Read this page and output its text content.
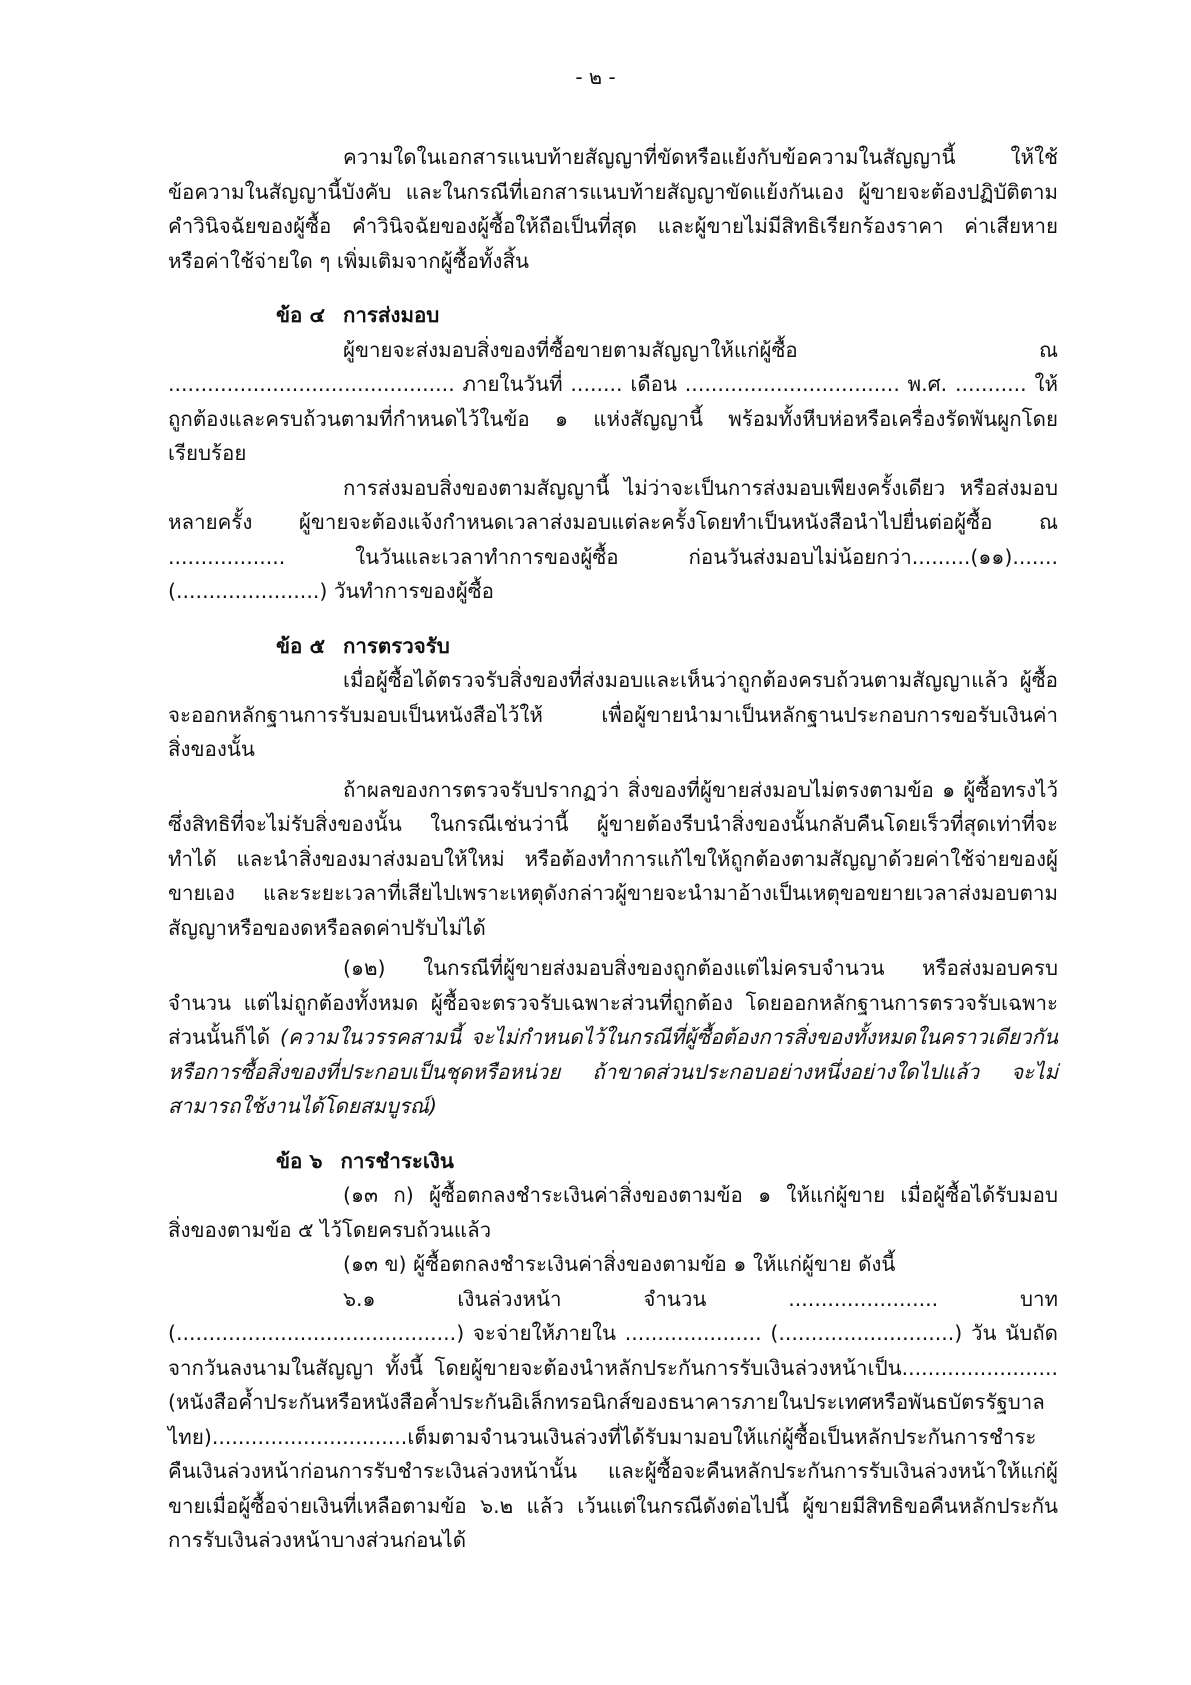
- ๒ -

ความใดในเอกสารแนบท้ายสัญญาที่ขัดหรือแย้งกับข้อความในสัญญานี้ ให้ใช้ข้อความในสัญญานี้บังคับ และในกรณีที่เอกสารแนบท้ายสัญญาขัดแย้งกันเอง ผู้ขายจะต้องปฏิบัติตามคำวินิจฉัยของผู้ซื้อ คำวินิจฉัยของผู้ซื้อให้ถือเป็นที่สุด และผู้ขายไม่มีสิทธิเรียกร้องราคา ค่าเสียหาย หรือค่าใช้จ่ายใด ๆ เพิ่มเติมจากผู้ซื้อทั้งสิ้น

ข้อ ๔ การส่งมอบ

ผู้ขายจะส่งมอบสิ่งของที่ซื้อขายตามสัญญาให้แก่ผู้ซื้อ ณ ............................................ ภายในวันที่ ........ เดือน ................................. พ.ศ. ........... ให้ถูกต้องและครบถ้วนตามที่กำหนดไว้ในข้อ ๑ แห่งสัญญานี้ พร้อมทั้งหีบห่อหรือเครื่องรัดพันผูกโดยเรียบร้อย

การส่งมอบสิ่งของตามสัญญานี้ ไม่ว่าจะเป็นการส่งมอบเพียงครั้งเดียว หรือส่งมอบหลายครั้ง ผู้ขายจะต้องแจ้งกำหนดเวลาส่งมอบแต่ละครั้งโดยทำเป็นหนังสือนำไปยื่นต่อผู้ซื้อ ณ .................. ในวันและเวลาทำการของผู้ซื้อ ก่อนวันส่งมอบไม่น้อยกว่า.........(๑๑).......(......................) วันทำการของผู้ซื้อ

ข้อ ๕ การตรวจรับ

เมื่อผู้ซื้อได้ตรวจรับสิ่งของที่ส่งมอบและเห็นว่าถูกต้องครบถ้วนตามสัญญาแล้ว ผู้ซื้อจะออกหลักฐานการรับมอบเป็นหนังสือไว้ให้ เพื่อผู้ขายนำมาเป็นหลักฐานประกอบการขอรับเงินค่าสิ่งของนั้น

ถ้าผลของการตรวจรับปรากฏว่า สิ่งของที่ผู้ขายส่งมอบไม่ตรงตามข้อ ๑ ผู้ซื้อทรงไว้ซึ่งสิทธิที่จะไม่รับสิ่งของนั้น ในกรณีเช่นว่านี้ ผู้ขายต้องรีบนำสิ่งของนั้นกลับคืนโดยเร็วที่สุดเท่าที่จะทำได้ และนำสิ่งของมาส่งมอบให้ใหม่ หรือต้องทำการแก้ไขให้ถูกต้องตามสัญญาด้วยค่าใช้จ่ายของผู้ขายเอง และระยะเวลาที่เสียไปเพราะเหตุดังกล่าวผู้ขายจะนำมาอ้างเป็นเหตุขอขยายเวลาส่งมอบตามสัญญาหรือของดหรือลดค่าปรับไม่ได้

(๑๒) ในกรณีที่ผู้ขายส่งมอบสิ่งของถูกต้องแต่ไม่ครบจำนวน หรือส่งมอบครบจำนวน แต่ไม่ถูกต้องทั้งหมด ผู้ซื้อจะตรวจรับเฉพาะส่วนที่ถูกต้อง โดยออกหลักฐานการตรวจรับเฉพาะส่วนนั้นก็ได้ (ความในวรรคสามนี้ จะไม่กำหนดไว้ในกรณีที่ผู้ซื้อต้องการสิ่งของทั้งหมดในคราวเดียวกัน หรือการซื้อสิ่งของที่ประกอบเป็นชุดหรือหน่วย ถ้าขาดส่วนประกอบอย่างหนึ่งอย่างใดไปแล้ว จะไม่สามารถใช้งานได้โดยสมบูรณ์)

ข้อ ๖ การชำระเงิน

(๑๓ ก) ผู้ซื้อตกลงชำระเงินค่าสิ่งของตามข้อ ๑ ให้แก่ผู้ขาย เมื่อผู้ซื้อได้รับมอบสิ่งของตามข้อ ๕ ไว้โดยครบถ้วนแล้ว

(๑๓ ข) ผู้ซื้อตกลงชำระเงินค่าสิ่งของตามข้อ ๑ ให้แก่ผู้ขาย ดังนี้

๖.๑ เงินล่วงหน้า จำนวน ....................... บาท (...........................................) จะจ่ายให้ภายใน ..................... (...........................) วัน นับถัดจากวันลงนามในสัญญา ทั้งนี้ โดยผู้ขายจะต้องนำหลักประกันการรับเงินล่วงหน้าเป็น........................(หนังสือค้ำประกันหรือหนังสือค้ำประกันอิเล็กทรอนิกส์ของธนาคารภายในประเทศหรือพันธบัตรรัฐบาลไทย)..............................เต็มตามจำนวนเงินล่วงที่ได้รับมามอบให้แก่ผู้ซื้อเป็นหลักประกันการชำระคืนเงินล่วงหน้าก่อนการรับชำระเงินล่วงหน้านั้น และผู้ซื้อจะคืนหลักประกันการรับเงินล่วงหน้าให้แก่ผู้ขายเมื่อผู้ซื้อจ่ายเงินที่เหลือตามข้อ ๖.๒ แล้ว เว้นแต่ในกรณีดังต่อไปนี้ ผู้ขายมีสิทธิขอคืนหลักประกันการรับเงินล่วงหน้าบางส่วนก่อนได้
